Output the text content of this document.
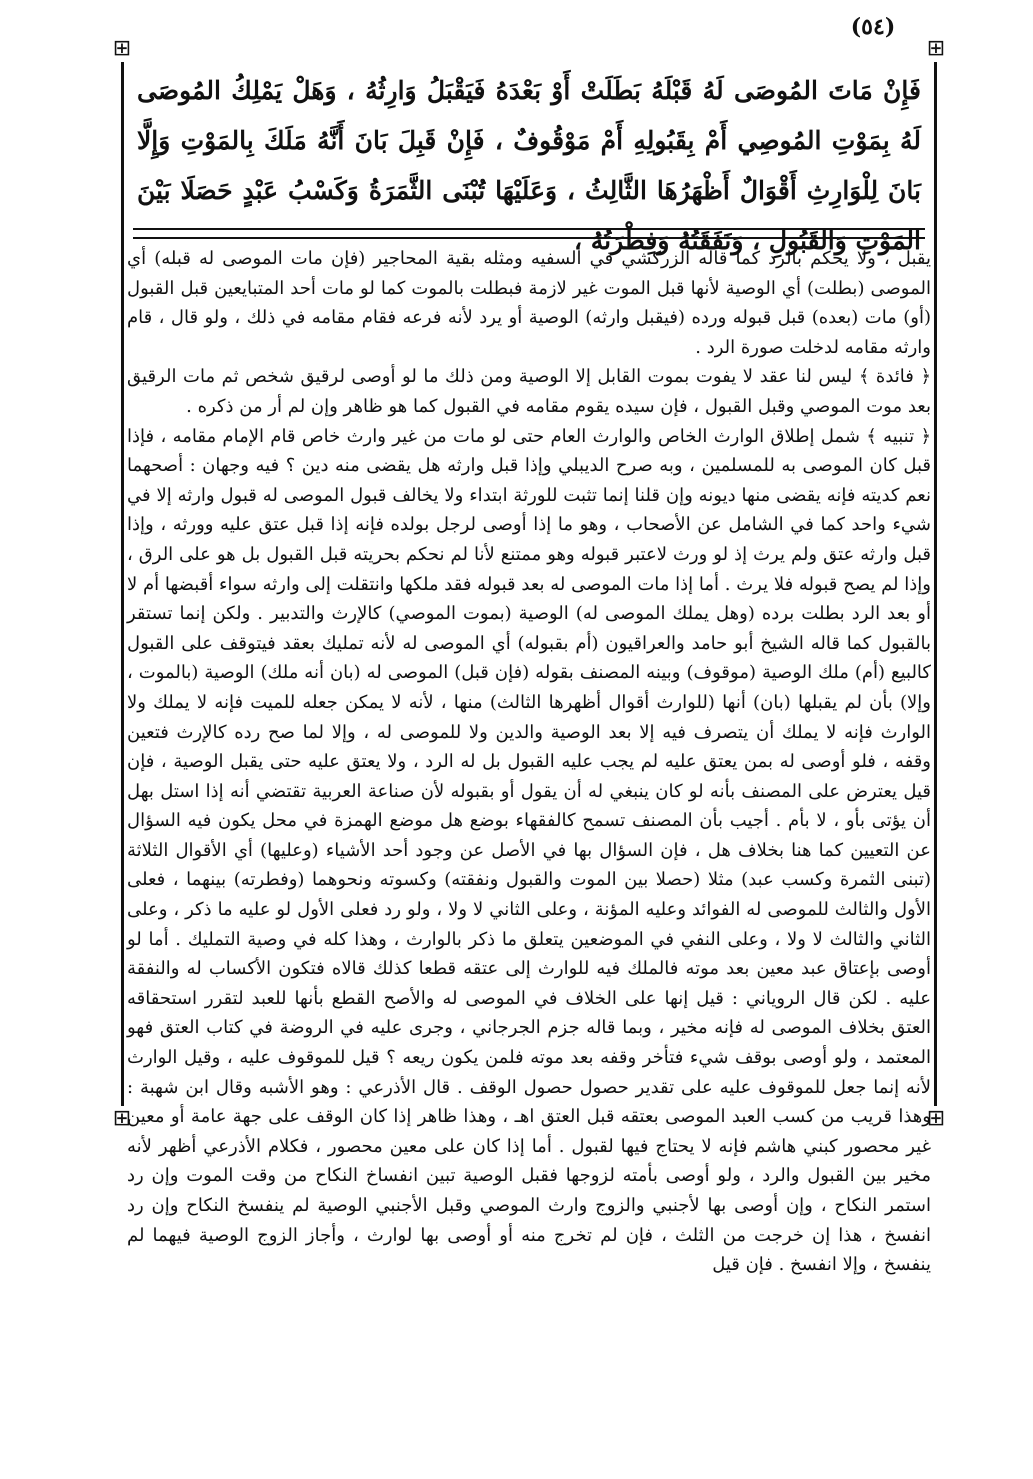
(٥٤)
⊞	⊞
⊞	⊞

فَإِنْ مَاتَ المُوصَى لَهُ قَبْلَهُ بَطَلَتْ أَوْ بَعْدَهُ فَيَقْبَلُ وَارِثُهُ ، وَهَلْ يَمْلِكُ المُوصَى لَهُ بِمَوْتِ المُوصِي أَمْ بِقَبُولِهِ أَمْ مَوْقُوفٌ ، فَإِنْ قَبِلَ بَانَ أَنَّهُ مَلَكَ بِالمَوْتِ وَإِلَّا بَانَ لِلْوَارِثِ أَقْوَالٌ أَظْهَرُهَا الثَّالِثُ ، وَعَلَيْهَا تُبْنَى الثَّمَرَةُ وَكَسْبُ عَبْدٍ حَصَلَا بَيْنَ المَوْتِ وَالقَبُولِ ، وَنَفَقَتُهُ وَفِطْرَتُهُ ،

يقبل ، ولا يحكم بالرد كما قاله الزركشي في السفيه ومثله بقية المحاجير (فإن مات الموصى له قبله) أي الموصى (بطلت) أي الوصية لأنها قبل الموت غير لازمة فبطلت بالموت كما لو مات أحد المتبايعين قبل القبول (أو) مات (بعده) قبل قبوله ورده (فيقبل وارثه) الوصية أو يرد لأنه فرعه فقام مقامه في ذلك ، ولو قال ، قام وارثه مقامه لدخلت صورة الرد .

﴿ فائدة ﴾ ليس لنا عقد لا يفوت بموت القابل إلا الوصية ومن ذلك ما لو أوصى لرقيق شخص ثم مات الرقيق بعد موت الموصي وقبل القبول ، فإن سيده يقوم مقامه في القبول كما هو ظاهر وإن لم أر من ذكره .

﴿ تنبيه ﴾ شمل إطلاق الوارث الخاص والوارث العام حتى لو مات من غير وارث خاص قام الإمام مقامه ، فإذا قبل كان الموصى به للمسلمين ، وبه صرح الديبلي وإذا قبل وارثه هل يقضى منه دين ؟ فيه وجهان : أصحهما نعم كديته فإنه يقضى منها ديونه وإن قلنا إنما تثبت للورثة ابتداء ولا يخالف قبول الموصى له قبول وارثه إلا في شيء واحد كما في الشامل عن الأصحاب ، وهو ما إذا أوصى لرجل بولده فإنه إذا قبل عتق عليه وورثه ، وإذا قبل وارثه عتق ولم يرث إذ لو ورث لاعتبر قبوله وهو ممتنع لأنا لم نحكم بحريته قبل القبول بل هو على الرق ، وإذا لم يصح قبوله فلا يرث . أما إذا مات الموصى له بعد قبوله فقد ملكها وانتقلت إلى وارثه سواء أقبضها أم لا أو بعد الرد بطلت برده (وهل يملك الموصى له) الوصية (بموت الموصي) كالإرث والتدبير . ولكن إنما تستقر بالقبول كما قاله الشيخ أبو حامد والعراقيون (أم بقبوله) أي الموصى له لأنه تمليك بعقد فيتوقف على القبول كالبيع (أم) ملك الوصية (موقوف) وبينه المصنف بقوله (فإن قبل) الموصى له (بان أنه ملك) الوصية (بالموت ، وإلا) بأن لم يقبلها (بان) أنها (للوارث أقوال أظهرها الثالث) منها ، لأنه لا يمكن جعله للميت فإنه لا يملك ولا الوارث فإنه لا يملك أن يتصرف فيه إلا بعد الوصية والدين ولا للموصى له ، وإلا لما صح رده كالإرث فتعين وقفه ، فلو أوصى له بمن يعتق عليه لم يجب عليه القبول بل له الرد ، ولا يعتق عليه حتى يقبل الوصية ، فإن قيل يعترض على المصنف بأنه لو كان ينبغي له أن يقول أو بقبوله لأن صناعة العربية تقتضي أنه إذا استل بهل أن يؤتى بأو ، لا بأم . أجيب بأن المصنف تسمح كالفقهاء بوضع هل موضع الهمزة في محل يكون فيه السؤال عن التعيين كما هنا بخلاف هل ، فإن السؤال بها في الأصل عن وجود أحد الأشياء (وعليها) أي الأقوال الثلاثة (تبنى الثمرة وكسب عبد) مثلا (حصلا بين الموت والقبول ونفقته) وكسوته ونحوهما (وفطرته) بينهما ، فعلى الأول والثالث للموصى له الفوائد وعليه المؤنة ، وعلى الثاني لا ولا ، ولو رد فعلى الأول لو عليه ما ذكر ، وعلى الثاني والثالث لا ولا ، وعلى النفي في الموضعين يتعلق ما ذكر بالوارث ، وهذا كله في وصية التمليك . أما لو أوصى بإعتاق عبد معين بعد موته فالملك فيه للوارث إلى عتقه قطعا كذلك قالاه فتكون الأكساب له والنفقة عليه . لكن قال الروياني : قيل إنها على الخلاف في الموصى له والأصح القطع بأنها للعبد لتقرر استحقاقه العتق بخلاف الموصى له فإنه مخير ، وبما قاله جزم الجرجاني ، وجرى عليه في الروضة في كتاب العتق فهو المعتمد ، ولو أوصى بوقف شيء فتأخر وقفه بعد موته فلمن يكون ريعه ؟ قيل للموقوف عليه ، وقيل الوارث لأنه إنما جعل للموقوف عليه على تقدير حصول حصول الوقف . قال الأذرعي : وهو الأشبه وقال ابن شهبة : وهذا قريب من كسب العبد الموصى بعتقه قبل العتق اهـ ، وهذا ظاهر إذا كان الوقف على جهة عامة أو معين غير محصور كبني هاشم فإنه لا يحتاج فيها لقبول . أما إذا كان على معين محصور ، فكلام الأذرعي أظهر لأنه مخير بين القبول والرد ، ولو أوصى بأمته لزوجها فقبل الوصية تبين انفساخ النكاح من وقت الموت وإن رد استمر النكاح ، وإن أوصى بها لأجنبي والزوج وارث الموصي وقبل الأجنبي الوصية لم ينفسخ النكاح وإن رد انفسخ ، هذا إن خرجت من الثلث ، فإن لم تخرج منه أو أوصى بها لوارث ، وأجاز الزوج الوصية فيهما لم ينفسخ ، وإلا انفسخ . فإن قيل
